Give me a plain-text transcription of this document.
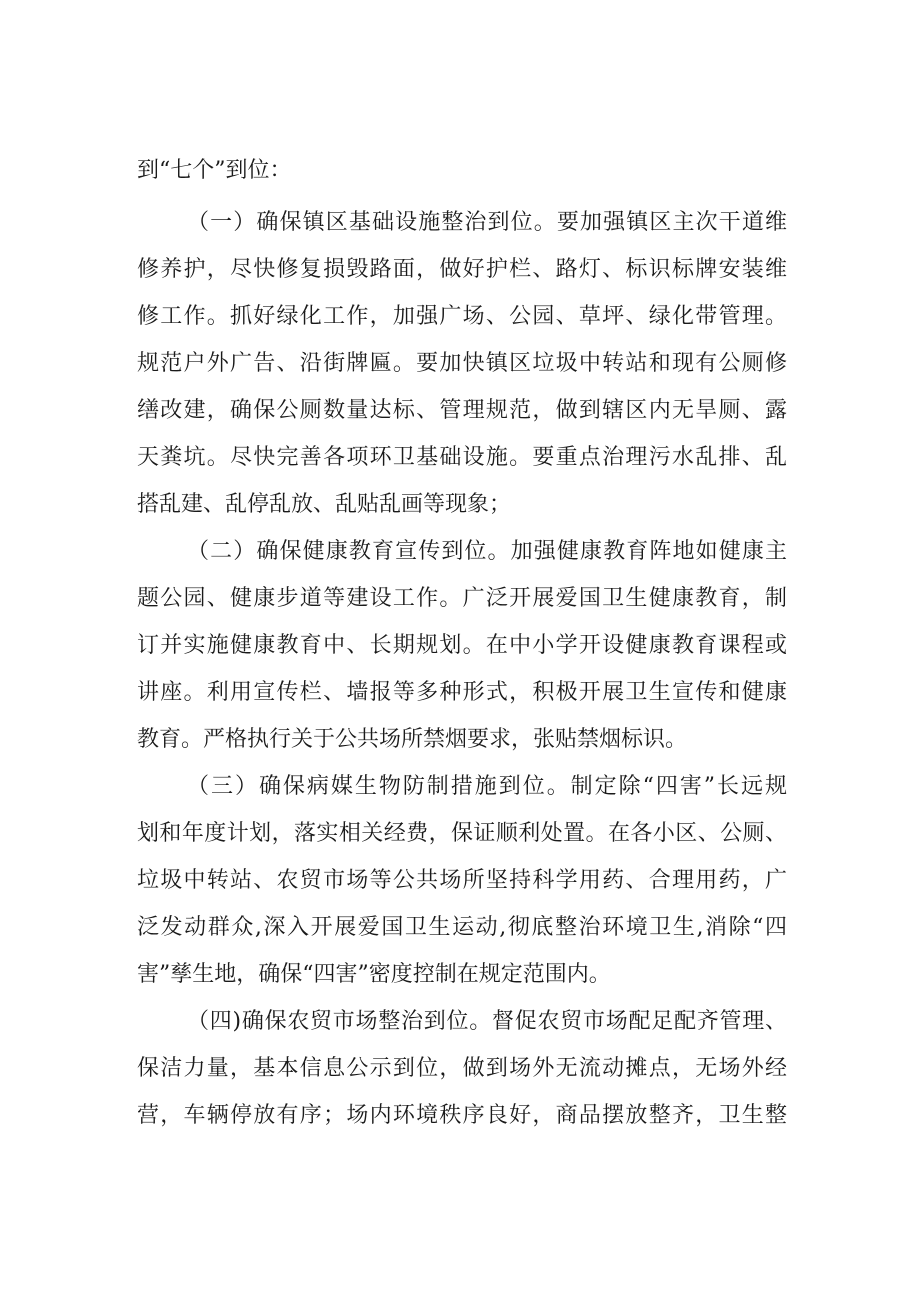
到“七个”到位：
（一）确保镇区基础设施整治到位。要加强镇区主次干道维
修养护，尽快修复损毁路面，做好护栏、路灯、标识标牌安装维
修工作。抓好绿化工作，加强广场、公园、草坪、绿化带管理。
规范户外广告、沿街牌匾。要加快镇区垃圾中转站和现有公厕修
缮改建，确保公厕数量达标、管理规范，做到辖区内无旱厕、露
天粪坑。尽快完善各项环卫基础设施。要重点治理污水乱排、乱
搭乱建、乱停乱放、乱贴乱画等现象；
（二）确保健康教育宣传到位。加强健康教育阵地如健康主
题公园、健康步道等建设工作。广泛开展爱国卫生健康教育，制
订并实施健康教育中、长期规划。在中小学开设健康教育课程或
讲座。利用宣传栏、墙报等多种形式，积极开展卫生宣传和健康
教育。严格执行关于公共场所禁烟要求，张贴禁烟标识。
（三）确保病媒生物防制措施到位。制定除“四害”长远规
划和年度计划，落实相关经费，保证顺利处置。在各小区、公厕、
垃圾中转站、农贸市场等公共场所坚持科学用药、合理用药，广
泛发动群众,深入开展爱国卫生运动,彻底整治环境卫生,消除“四
害”孳生地，确保“四害”密度控制在规定范围内。
（四)确保农贸市场整治到位。督促农贸市场配足配齐管理、
保洁力量，基本信息公示到位，做到场外无流动摊点，无场外经
营，车辆停放有序；场内环境秩序良好，商品摆放整齐，卫生整
